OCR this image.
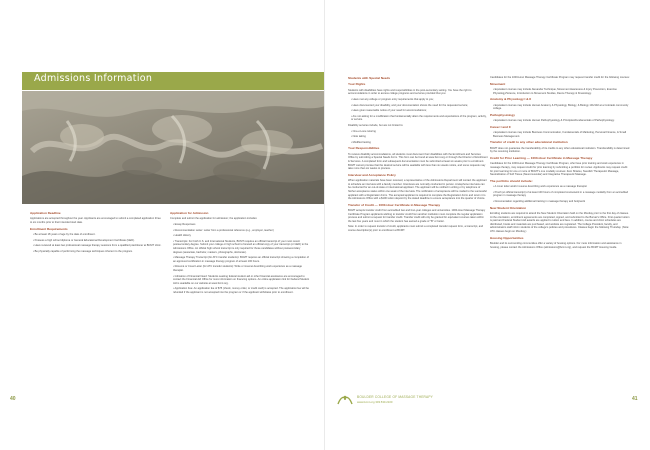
Admissions Information

Application Deadline

Applications are accepted throughout the year. Applicants are encouraged to submit a completed application three to six months prior to their intended start date.

Enrollment Requirements

• Be at least 18 years of age by the date of enrollment.

• Possess a high school diploma or General Educational Development Certificate (GED).

• Have received at least two professional massage therapy sessions from a qualified practitioner at BCMT clinic.

• Be physically capable of performing the massage techniques inherent to the program.

Application for Admission

Complete and submit the application for admission; the application includes:

• Essay Responses

• Recommendation Letter: Letter from a professional reference (e.g., employer, teacher)

• Health History

• Transcripts: For both U.S. and International Students, BCMT requires an official transcript of your most recent postsecondary degree. Submit your college or high school to forward an official copy of your transcript (or GED) to the Admissions Office. An official high school transcript is only required for those candidates without postsecondary degrees (associate, bachelor, masters, photographs, doctorate).

• Massage Therapy Transcript (for ATC transfer students): BCMT requires an official transcript showing a completion of an approved certification in massage therapy program of at least 100 hours.

• Résumé or Covel Letter (for ATC transfer students): Write or résumé describing work experience as a massage therapist.

• Indication of Financial Need: Students seeking federal student aid or other financial assistance are encouraged to contact the Financial Aid Office for more information on financing options. An online application link for Federal Student Aid is available on our website at www.bcmt.org.

• Application Fee: An application fee of $75 (check, money order, or credit card) is accepted. The application fee will be refunded if the applicant is not accepted into the program or if the applicant withdraws prior to enrollment.

40

Students with Special Needs

Your Rights

Students with disabilities have rights and responsibilities in the post-secondary setting. You have the right to accommodations in order to access college programs and services provided that you:

• Have met any college or program entry requirements that apply to you;

• Have documented your disability, and your documentation shows the need for the requested service;

• Have given reasonable notice of your need for accommodations;

• Are not asking for a modification that fundamentally alters the requirements and expectations of the program, activity, or service.

Disability services include, but are not limited to:

• One-on-one tutoring

• Note taking

• Modified testing

Your Responsibilities

To receive disability accommodations, all students must document their disabilities with the Enrollment and Services Office by submitting a Special Needs Form. This form can be found at www.bcmt.org or through the Director of Enrollment & Services. A completed form and subsequent documentation must be submitted at least six weeks prior to enrollment. BCMT cannot promise that the desired service will be available with less than six weeks notice, and some requests may take more than six weeks to process.

Interview and Acceptance Policy

When application materials have been received, a representative of the Admissions Department will contact the applicant to schedule an interview with a faculty member. Interviews are normally conducted in person. A telephone interview can be conducted for an out-of-state or international applicant. The applicant will be notified in writing or by telephone of his/her acceptance status within one week of the interview. The notification of acceptance will be mailed to the successful applicant with a Registration Form. The accepted applicant is required to complete the Registration Form and return it to the Admissions Office with a $100 tuition deposit by the stated deadline to ensure acceptance into the quarter of choice.

Transfer of Credit — 1000-Hour Certificate in Massage Therapy

BCMT accepts transfer credit from accredited two and four-year colleges and universities. 1000-Hour Massage Therapy Certificate Program applicants wishing to transfer credit from another institution must complete the regular application process and submit a request for transfer credit. Transfer credit will only be granted for equivalent courses taken within the last five years and must in which the student has earned a grade of "B" or better.

Note: In order to request transfer of credit, applicants must submit a completed transfer request form, a transcript, and course description(s) prior to enrollment at BCMT.

Candidates for the 1000-Hour Massage Therapy Certificate Program may request transfer credit for the following courses:

Movement

• Equivalent courses may include Alexander Technique, Movement Awareness & Injury Prevention, Exercise Physiology/Science, Introduction to Movement Studies, Dance Therapy & Kinesiology.

Anatomy & Physiology I & II

• Equivalent courses may include Human Anatomy & Physiology, Biology, & Biology 101/102 at a Colorado community college.

Pathophysiology

• Equivalent courses may include Human Pathophysiology & Principles/Fundamentals of Pathophysiology.

Career I and II

• Equivalent courses may include Business Communication, Fundamentals of Marketing, Personal Finance, & Small Business Management.

Transfer of credit to any other educational institution

BCMT does not guarantee the transferability of its credits to any other educational institution. Transferability is determined by the receiving institution.

Credit for Prior Learning — 1000-Hour Certificate in Massage Therapy

Candidates for the 1000-Hour Massage Therapy Certificate Program, who have prior training and work experience in massage therapy, may request credit for prior learning by submitting a portfolio for review. Applicants may request credit for prior learning for one or more of BCMT's one modality courses: Zero Shiatsu, Swedish Therapeutic Massage, Neutralization of Soft Tissue (Neuromuscular) and Integrative Therapeutic Massage.

The portfolio should include:

• A cover letter and/or resume describing work experience as a massage therapist

• Proof (an official transcript) of at least 100 hours of completed coursework in a massage modality from an accredited program in massage therapy

• Documentation regarding additional training in massage therapy and bodywork

New Student Orientation

Enrolling students are required to attend the New Student Orientation held on the Monday prior to the first day of classes. At the orientation, enrollment agreements are completed, signed, and submitted to the Bursar's Office. First quarter tuition is paid and Federal Student Aid awards are applied to tuition and fees. In addition, course and clinic schedules are distributed, books and materials are purchased, and website are registered. The College President, faculty, and administrators staff inform students of the college's policies and procedures. Classes begin the following Thursday. (Note: ATC classes begin on Monday.)

Housing Opportunities

Boulder and its surrounding communities offer a variety of housing options. For more information and assistance in housing, please contact the Admissions Office (admissions@bcmt.org), and request the BCMT Housing Guide.

BOULDER COLLEGE OF MASSAGE THERAPY
www.bcmt.org 303.530.2100	41
